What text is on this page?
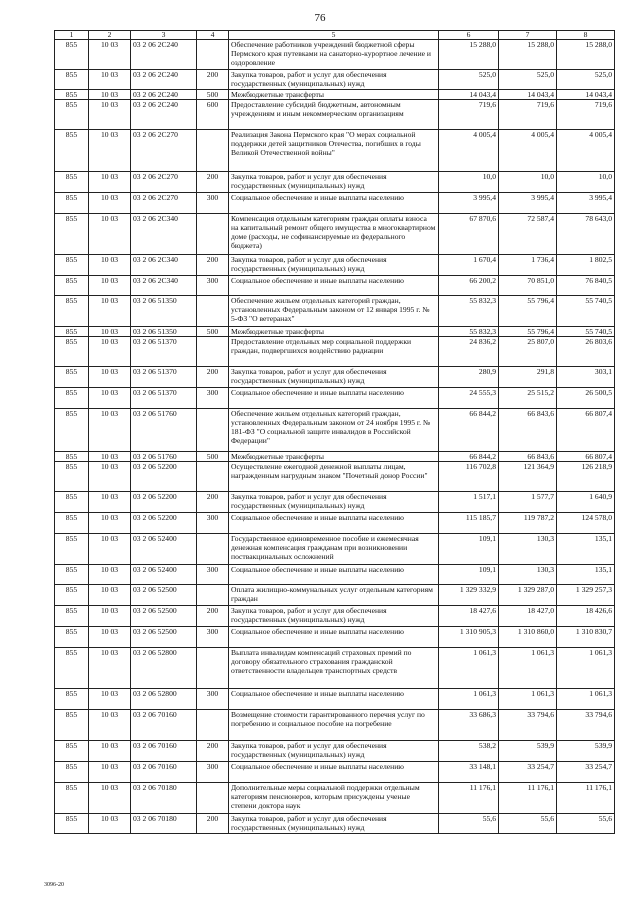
76
1	2	3	4	5	6	7	8
855	10 03	03 2 06 2C240		Обеспечение работников учреждений бюджетной сферы Пермского края путевками на санаторно-курортное лечение и оздоровление	15 288,0	15 288,0	15 288,0
855	10 03	03 2 06 2C240	200	Закупка товаров, работ и услуг для обеспечения государственных (муниципальных) нужд	525,0	525,0	525,0
855	10 03	03 2 06 2C240	500	Межбюджетные трансферты	14 043,4	14 043,4	14 043,4
855	10 03	03 2 06 2C240	600	Предоставление субсидий бюджетным, автономным учреждениям и иным некоммерческим организациям	719,6	719,6	719,6
855	10 03	03 2 06 2C270		Реализация Закона Пермского края "О мерах социальной поддержки детей защитников Отечества, погибших в годы Великой Отечественной войны"	4 005,4	4 005,4	4 005,4
855	10 03	03 2 06 2C270	200	Закупка товаров, работ и услуг для обеспечения государственных (муниципальных) нужд	10,0	10,0	10,0
855	10 03	03 2 06 2C270	300	Социальное обеспечение и иные выплаты населению	3 995,4	3 995,4	3 995,4
855	10 03	03 2 06 2C340		Компенсация отдельным категориям граждан оплаты взноса на капитальный ремонт общего имущества в многоквартирном доме (расходы, не софинансируемые из федерального бюджета)	67 870,6	72 587,4	78 643,0
855	10 03	03 2 06 2C340	200	Закупка товаров, работ и услуг для обеспечения государственных (муниципальных) нужд	1 670,4	1 736,4	1 802,5
855	10 03	03 2 06 2C340	300	Социальное обеспечение и иные выплаты населению	66 200,2	70 851,0	76 840,5
855	10 03	03 2 06 51350		Обеспечение жильем отдельных категорий граждан, установленных Федеральным законом от 12 января 1995 г. № 5-ФЗ "О ветеранах"	55 832,3	55 796,4	55 740,5
855	10 03	03 2 06 51350	500	Межбюджетные трансферты	55 832,3	55 796,4	55 740,5
855	10 03	03 2 06 51370		Предоставление отдельных мер социальной поддержки граждан, подвергшихся воздействию радиации	24 836,2	25 807,0	26 803,6
855	10 03	03 2 06 51370	200	Закупка товаров, работ и услуг для обеспечения государственных (муниципальных) нужд	280,9	291,8	303,1
855	10 03	03 2 06 51370	300	Социальное обеспечение и иные выплаты населению	24 555,3	25 515,2	26 500,5
855	10 03	03 2 06 51760		Обеспечение жильем отдельных категорий граждан, установленных Федеральным законом от 24 ноября 1995 г. № 181-ФЗ "О социальной защите инвалидов в Российской Федерации"	66 844,2	66 843,6	66 807,4
855	10 03	03 2 06 51760	500	Межбюджетные трансферты	66 844,2	66 843,6	66 807,4
855	10 03	03 2 06 52200		Осуществление ежегодной денежной выплаты лицам, награжденным нагрудным знаком "Почетный донор России"	116 702,8	121 364,9	126 218,9
855	10 03	03 2 06 52200	200	Закупка товаров, работ и услуг для обеспечения государственных (муниципальных) нужд	1 517,1	1 577,7	1 640,9
855	10 03	03 2 06 52200	300	Социальное обеспечение и иные выплаты населению	115 185,7	119 787,2	124 578,0
855	10 03	03 2 06 52400		Государственное единовременное пособие и ежемесячная денежная компенсация гражданам при возникновении поствакцинальных осложнений	109,1	130,3	135,1
855	10 03	03 2 06 52400	300	Социальное обеспечение и иные выплаты населению	109,1	130,3	135,1
855	10 03	03 2 06 52500		Оплата жилищно-коммунальных услуг отдельным категориям граждан	1 329 332,9	1 329 287,0	1 329 257,3
855	10 03	03 2 06 52500	200	Закупка товаров, работ и услуг для обеспечения государственных (муниципальных) нужд	18 427,6	18 427,0	18 426,6
855	10 03	03 2 06 52500	300	Социальное обеспечение и иные выплаты населению	1 310 905,3	1 310 860,0	1 310 830,7
855	10 03	03 2 06 52800		Выплата инвалидам компенсаций страховых премий по договору обязательного страхования гражданской ответственности владельцев транспортных средств	1 061,3	1 061,3	1 061,3
855	10 03	03 2 06 52800	300	Социальное обеспечение и иные выплаты населению	1 061,3	1 061,3	1 061,3
855	10 03	03 2 06 70160		Возмещение стоимости гарантированного перечня услуг по погребению и социальное пособие на погребение	33 686,3	33 794,6	33 794,6
855	10 03	03 2 06 70160	200	Закупка товаров, работ и услуг для обеспечения государственных (муниципальных) нужд	538,2	539,9	539,9
855	10 03	03 2 06 70160	300	Социальное обеспечение и иные выплаты населению	33 148,1	33 254,7	33 254,7
855	10 03	03 2 06 70180		Дополнительные меры социальной поддержки отдельным категориям пенсионеров, которым присуждены ученые степени доктора наук	11 176,1	11 176,1	11 176,1
855	10 03	03 2 06 70180	200	Закупка товаров, работ и услуг для обеспечения государственных (муниципальных) нужд	55,6	55,6	55,6
3096-20
